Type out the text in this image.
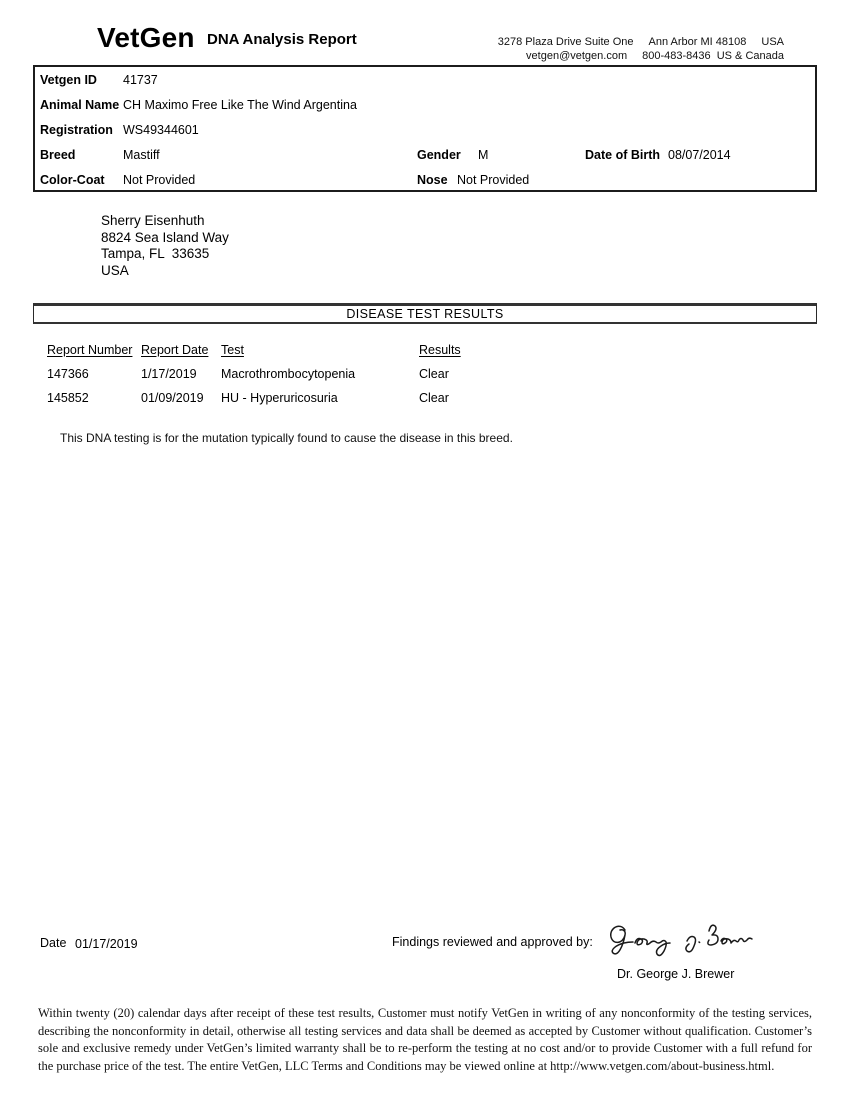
VetGen DNA Analysis Report	3278 Plaza Drive Suite One Ann Arbor MI 48108 USA
vetgen@vetgen.com 800-483-8436  US & Canada
Vetgen ID 41737
Animal Name CH Maximo Free Like The Wind Argentina
Registration WS49344601
Breed	Mastiff	Gender M	Date of Birth 08/07/2014
Color-Coat Not Provided	Nose Not Provided
Sherry Eisenhuth
8824 Sea Island Way
Tampa, FL  33635
USA
DISEASE TEST RESULTS
Report Number Report Date	Test	Results
147366	1/17/2019	Macrothrombocytopenia	Clear
145852	01/09/2019	HU - Hyperuricosuria	Clear
This DNA testing is for the mutation typically found to cause the disease in this breed.
Date 01/17/2019	Findings reviewed and approved by:
Dr. George J. Brewer
Within twenty (20) calendar days after receipt of these test results, Customer must notify VetGen in writing of any nonconformity of the testing services,
describing the nonconformity in detail, otherwise all testing services and data shall be deemed as accepted by Customer without qualification. Customer’s
sole and exclusive remedy under VetGen’s limited warranty shall be to re-perform the testing at no cost and/or to provide Customer with a full refund for
the purchase price of the test. The entire VetGen, LLC Terms and Conditions may be viewed online at http://www.vetgen.com/about-business.html.
